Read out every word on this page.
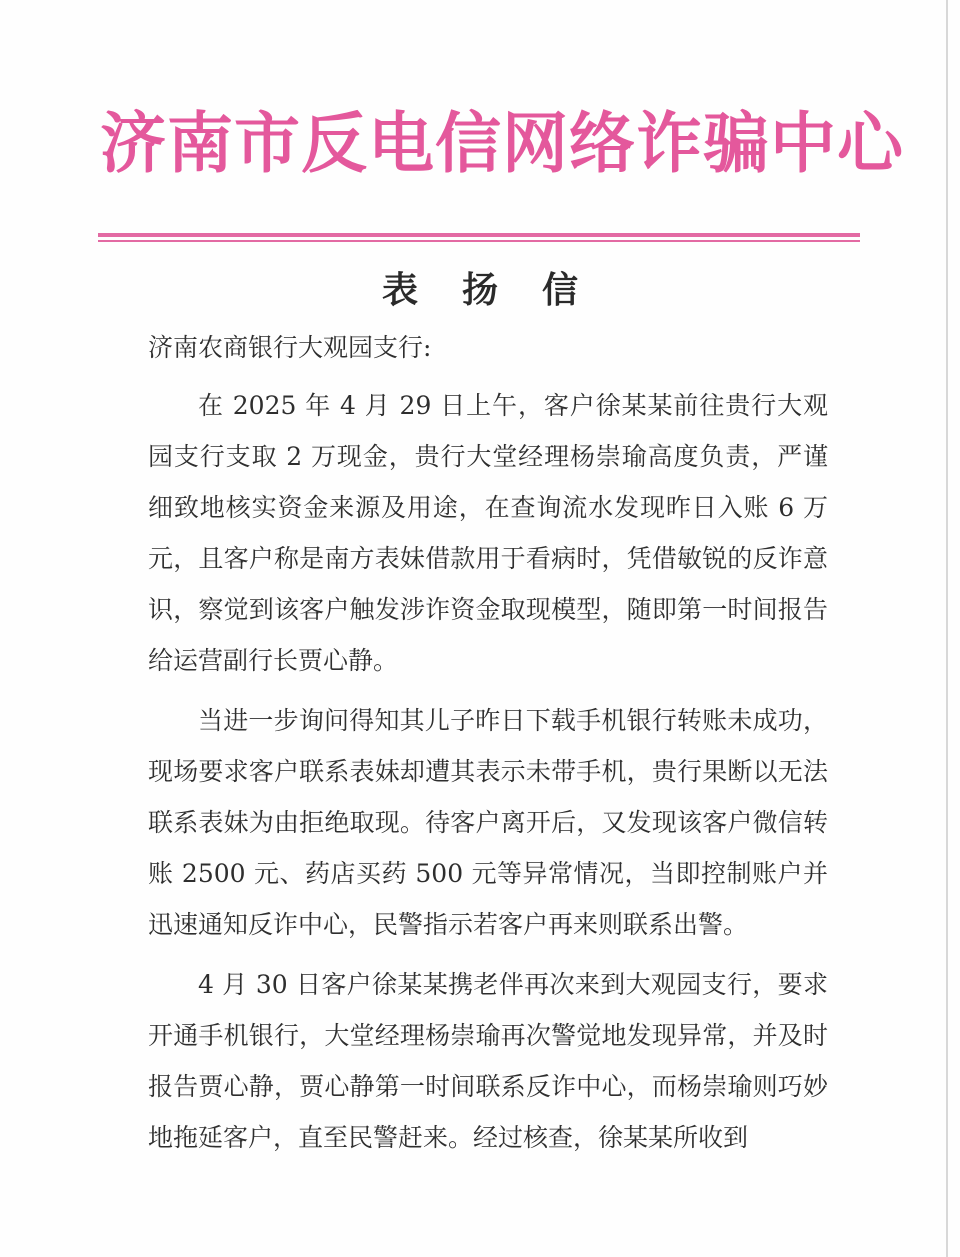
济南市反电信网络诈骗中心
表扬信

济南农商银行大观园支行:

在 2025 年 4 月 29 日上午，客户徐某某前往贵行大观园支行支取 2 万现金，贵行大堂经理杨崇瑜高度负责，严谨细致地核实资金来源及用途，在查询流水发现昨日入账 6 万元，且客户称是南方表妹借款用于看病时，凭借敏锐的反诈意识，察觉到该客户触发涉诈资金取现模型，随即第一时间报告给运营副行长贾心静。

当进一步询问得知其儿子昨日下载手机银行转账未成功，现场要求客户联系表妹却遭其表示未带手机，贵行果断以无法联系表妹为由拒绝取现。待客户离开后，又发现该客户微信转账 2500 元、药店买药 500 元等异常情况，当即控制账户并迅速通知反诈中心，民警指示若客户再来则联系出警。

4 月 30 日客户徐某某携老伴再次来到大观园支行，要求开通手机银行，大堂经理杨崇瑜再次警觉地发现异常，并及时报告贾心静，贾心静第一时间联系反诈中心，而杨崇瑜则巧妙地拖延客户，直至民警赶来。经过核查，徐某某所收到
